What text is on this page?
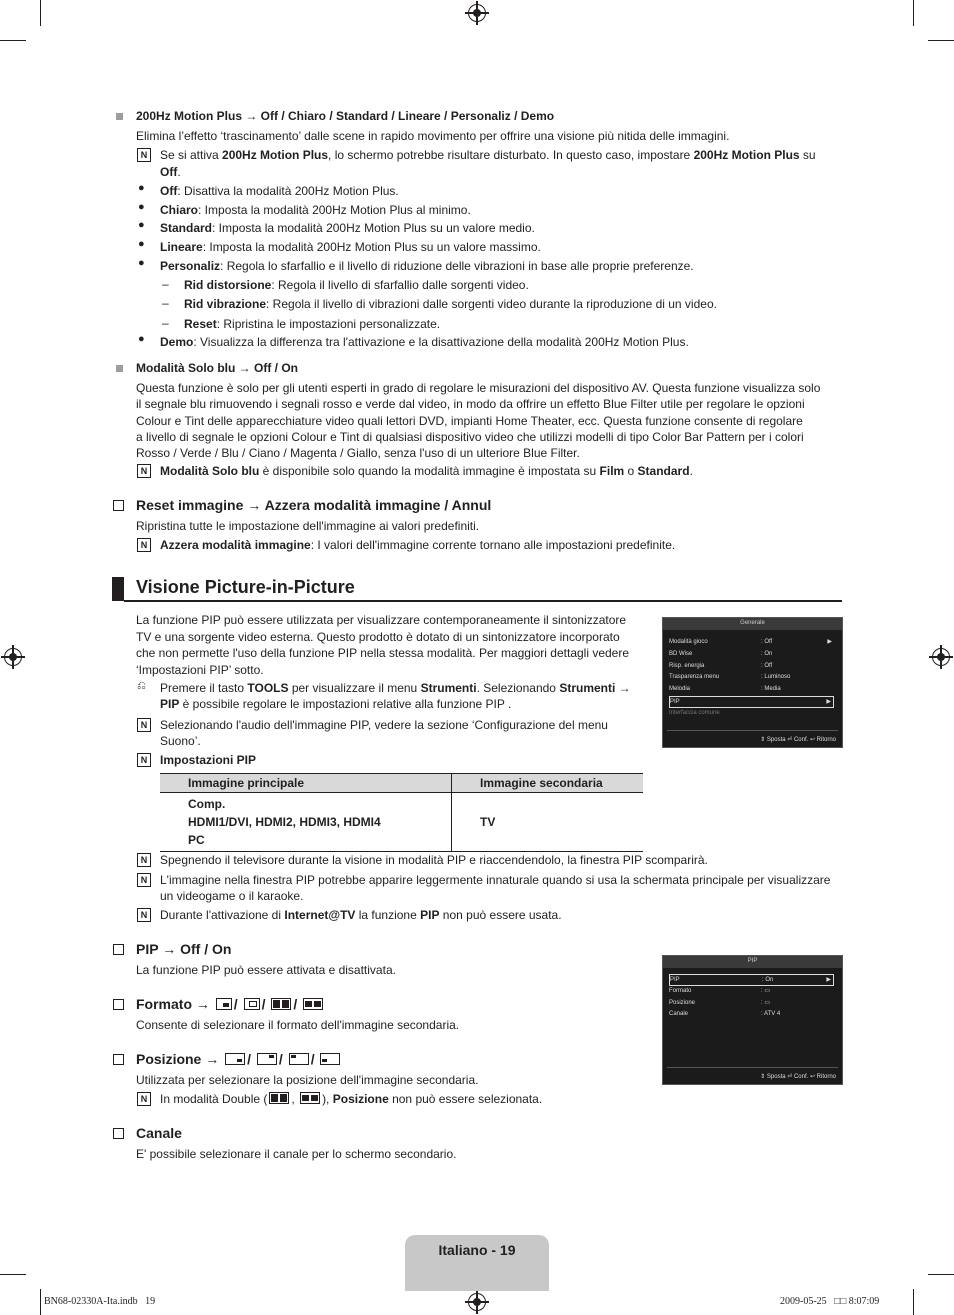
200Hz Motion Plus → Off / Chiaro / Standard / Lineare / Personaliz / Demo
Elimina l’effetto ‘trascinamento’ dalle scene in rapido movimento per offrire una visione più nitida delle immagini.
N	Se si attiva 200Hz Motion Plus, lo schermo potrebbe risultare disturbato. In questo caso, impostare 200Hz Motion Plus su
Off.
● Off: Disattiva la modalità 200Hz Motion Plus.
● Chiaro: Imposta la modalità 200Hz Motion Plus al minimo.
● Standard: Imposta la modalità 200Hz Motion Plus su un valore medio.
● Lineare: Imposta la modalità 200Hz Motion Plus su un valore massimo.
● Personaliz: Regola lo sfarfallio e il livello di riduzione delle vibrazioni in base alle proprie preferenze.
– Rid distorsione: Regola il livello di sfarfallio dalle sorgenti video.
– Rid vibrazione: Regola il livello di vibrazioni dalle sorgenti video durante la riproduzione di un video.
– Reset: Ripristina le impostazioni personalizzate.
● Demo: Visualizza la differenza tra l'attivazione e la disattivazione della modalità 200Hz Motion Plus.
Modalità Solo blu → Off / On
Questa funzione è solo per gli utenti esperti in grado di regolare le misurazioni del dispositivo AV. Questa funzione visualizza solo
il segnale blu rimuovendo i segnali rosso e verde dal video, in modo da offrire un effetto Blue Filter utile per regolare le opzioni
Colour e Tint delle apparecchiature video quali lettori DVD, impianti Home Theater, ecc. Questa funzione consente di regolare
a livello di segnale le opzioni Colour e Tint di qualsiasi dispositivo video che utilizzi modelli di tipo Color Bar Pattern per i colori
Rosso / Verde / Blu / Ciano / Magenta / Giallo, senza l'uso di un ulteriore Blue Filter.
N	Modalità Solo blu è disponibile solo quando la modalità immagine è impostata su Film o Standard.
Reset immagine → Azzera modalità immagine / Annul
Ripristina tutte le impostazione dell'immagine ai valori predefiniti.
N	Azzera modalità immagine: I valori dell'immagine corrente tornano alle impostazioni predefinite.
Visione Picture-in-Picture
La funzione PIP può essere utilizzata per visualizzare contemporaneamente il sintonizzatore
TV e una sorgente video esterna. Questo prodotto è dotato di un sintonizzatore incorporato
che non permette l'uso della funzione PIP nella stessa modalità. Per maggiori dettagli vedere
‘Impostazioni PIP’ sotto.
⎌ Premere il tasto TOOLS per visualizzare il menu Strumenti. Selezionando Strumenti →
PIP è possibile regolare le impostazioni relative alla funzione PIP .
N	Selezionando l'audio dell'immagine PIP, vedere la sezione ‘Configurazione del menu
Suono’.
N	Impostazioni PIP
Immagine principale	Immagine secondaria

Comp.
HDMI1/DVI, HDMI2, HDMI3, HDMI4
PC	TV
N	Spegnendo il televisore durante la visione in modalità PIP e riaccendendolo, la finestra PIP scomparirà.
N	L'immagine nella finestra PIP potrebbe apparire leggermente innaturale quando si usa la schermata principale per visualizzare
un videogame o il karaoke.
N	Durante l'attivazione di Internet@TV la funzione PIP non può essere usata.
PIP → Off / On
La funzione PIP può essere attivata e disattivata.
Formato → / / /
Consente di selezionare il formato dell'immagine secondaria.
Posizione → / / /
Utilizzata per selezionare la posizione dell'immagine secondaria.
N	In modalità Double ( ,
), Posizione non può essere selezionata.
Canale
E' possibile selezionare il canale per lo schermo secondario.
Generale
Modalità gioco	: Off	▶
BD Wise	: On
Risp. energia	: Off
Trasparenza menu	: Luminoso
Melodia	: Media
PIP	▶
Interfaccia comune
⇕ Sposta ⏎ Conf. ↩ Ritorno
PIP
PIP	: On	▶
Formato	: ▭
Posizione	: ▭
Canale	: ATV 4
⇕ Sposta ⏎ Conf. ↩ Ritorno
Italiano - 19
BN68-02330A-Ita.indb   19	2009-05-25   □□ 8:07:09
